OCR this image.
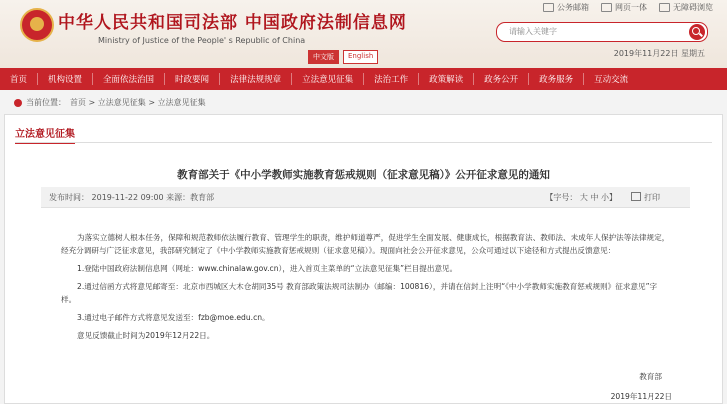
中华人民共和国司法部 中国政府法制信息网
Ministry of Justice of the People' s Republic of China
中文版	English
公务邮箱	网页一体	无障碍浏览
请输入关键字
2019年11月22日 星期五
首页	机构设置	全面依法治国	时政要闻	法律法规规章	立法意见征集	法治工作	政策解读	政务公开	政务服务	互动交流
当前位置： 首页 > 立法意见征集 > 立法意见征集
立法意见征集
教育部关于《中小学教师实施教育惩戒规则（征求意见稿）》公开征求意见的通知
发布时间： 2019-11-22 09:00 来源：教育部	【字号： 大 中 小】	打印

为落实立德树人根本任务，保障和规范教师依法履行教育、管理学生的职责，维护师道尊严，促进学生全面发展、健康成长，根据教育法、教师法、未成年人保护法等法律规定，经充分调研与广泛征求意见，我部研究制定了《中小学教师实施教育惩戒规则（征求意见稿）》。现面向社会公开征求意见，公众可通过以下途径和方式提出反馈意见：

1.登陆中国政府法制信息网（网址：www.chinalaw.gov.cn），进入首页主菜单的“立法意见征集”栏目提出意见。

2.通过信函方式将意见邮寄至：北京市西城区大木仓胡同35号 教育部政策法规司法制办（邮编：100816），并请在信封上注明“《中小学教师实施教育惩戒规则》征求意见”字样。

3.通过电子邮件方式将意见发送至：fzb@moe.edu.cn。

意见反馈截止时间为2019年12月22日。

教育部
2019年11月22日
